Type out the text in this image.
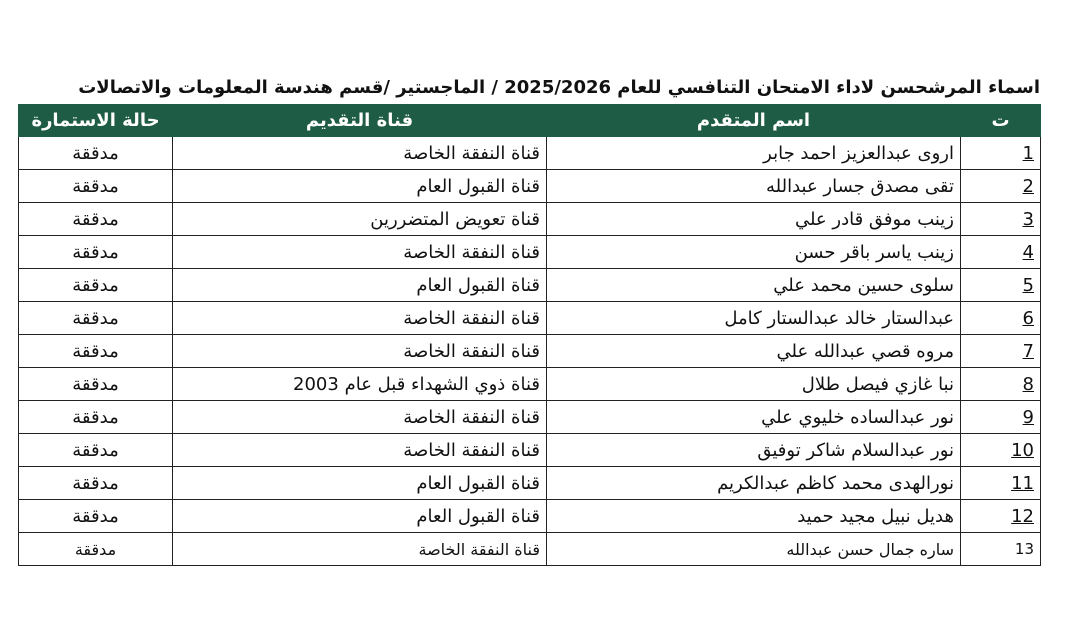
اسماء المرشحسن لاداء الامتحان التنافسي للعام 2025/2026 / الماجستير /قسم هندسة المعلومات والاتصالات
ت	اسم المتقدم	قناة التقديم	حالة الاستمارة
1	اروى عبدالعزيز احمد جابر	قناة النفقة الخاصة	مدققة
2	تقى مصدق جسار عبدالله	قناة القبول العام	مدققة
3	زينب موفق قادر علي	قناة تعويض المتضررين	مدققة
4	زينب ياسر باقر حسن	قناة النفقة الخاصة	مدققة
5	سلوى حسين محمد علي	قناة القبول العام	مدققة
6	عبدالستار خالد عبدالستار كامل	قناة النفقة الخاصة	مدققة
7	مروه قصي عبدالله علي	قناة النفقة الخاصة	مدققة
8	نبا غازي فيصل طلال	قناة ذوي الشهداء قبل عام 2003	مدققة
9	نور عبدالساده خليوي علي	قناة النفقة الخاصة	مدققة
10	نور عبدالسلام شاكر توفيق	قناة النفقة الخاصة	مدققة
11	نورالهدى محمد كاظم عبدالكريم	قناة القبول العام	مدققة
12	هديل نبيل مجيد حميد	قناة القبول العام	مدققة
13	ساره جمال حسن عبدالله	قناة النفقة الخاصة	مدققة
